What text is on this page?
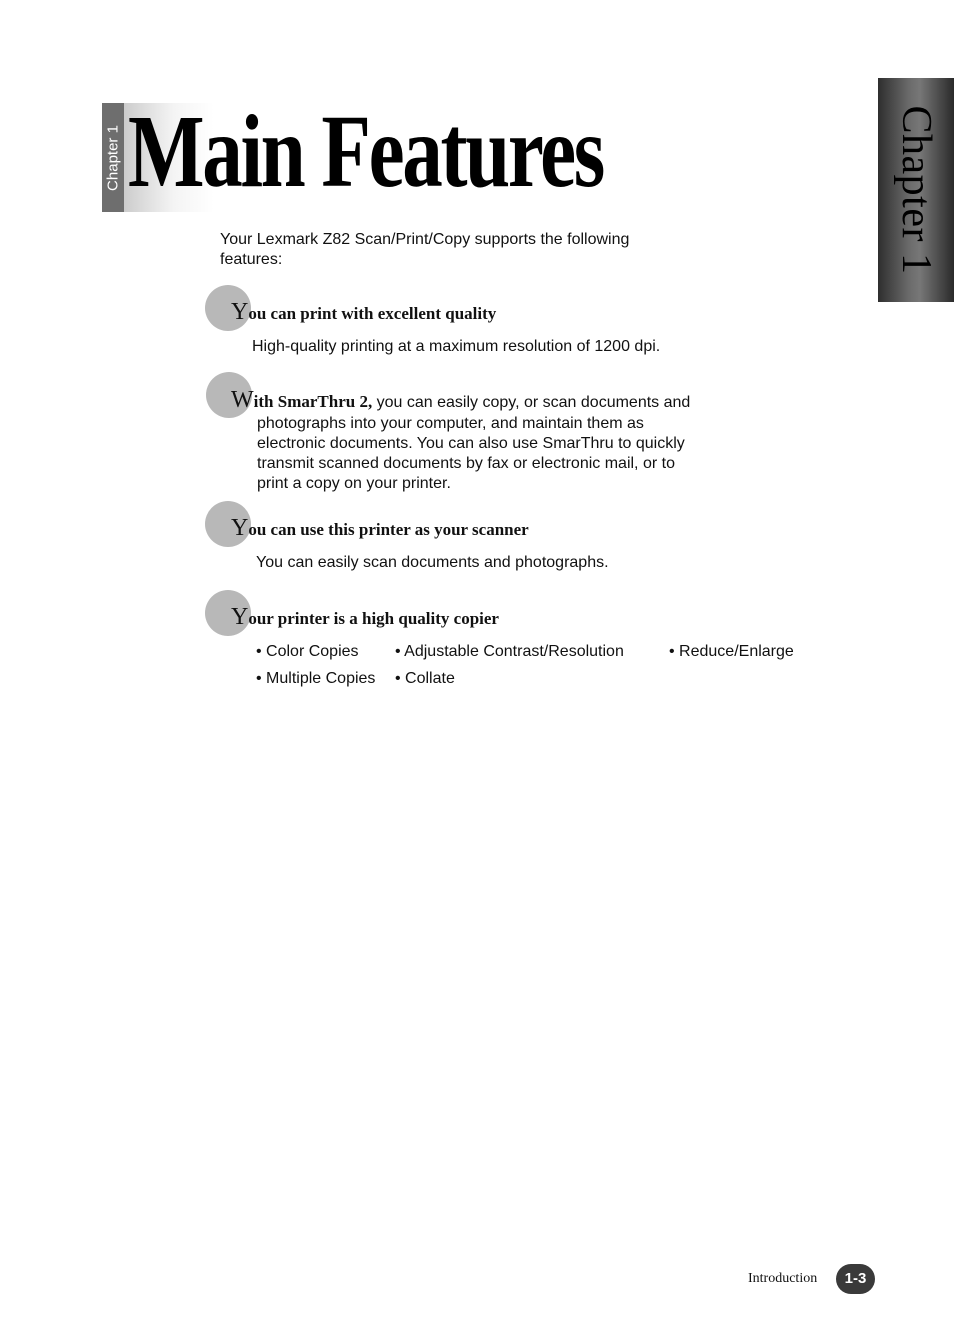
Chapter 1
Chapter 1 Main Features

Your Lexmark Z82 Scan/Print/Copy supports the following
features:

You can print with excellent quality

High-quality printing at a maximum resolution of 1200 dpi.

With SmarThru 2, you can easily copy, or scan documents and

photographs into your computer, and maintain them as
electronic documents. You can also use SmarThru to quickly
transmit scanned documents by fax or electronic mail, or to
print a copy on your printer.
You can use this printer as your scanner

You can easily scan documents and photographs.

Your printer is a high quality copier
• Color Copies • Adjustable Contrast/Resolution	• Reduce/Enlarge
• Multiple Copies • Collate
Introduction	1-3
